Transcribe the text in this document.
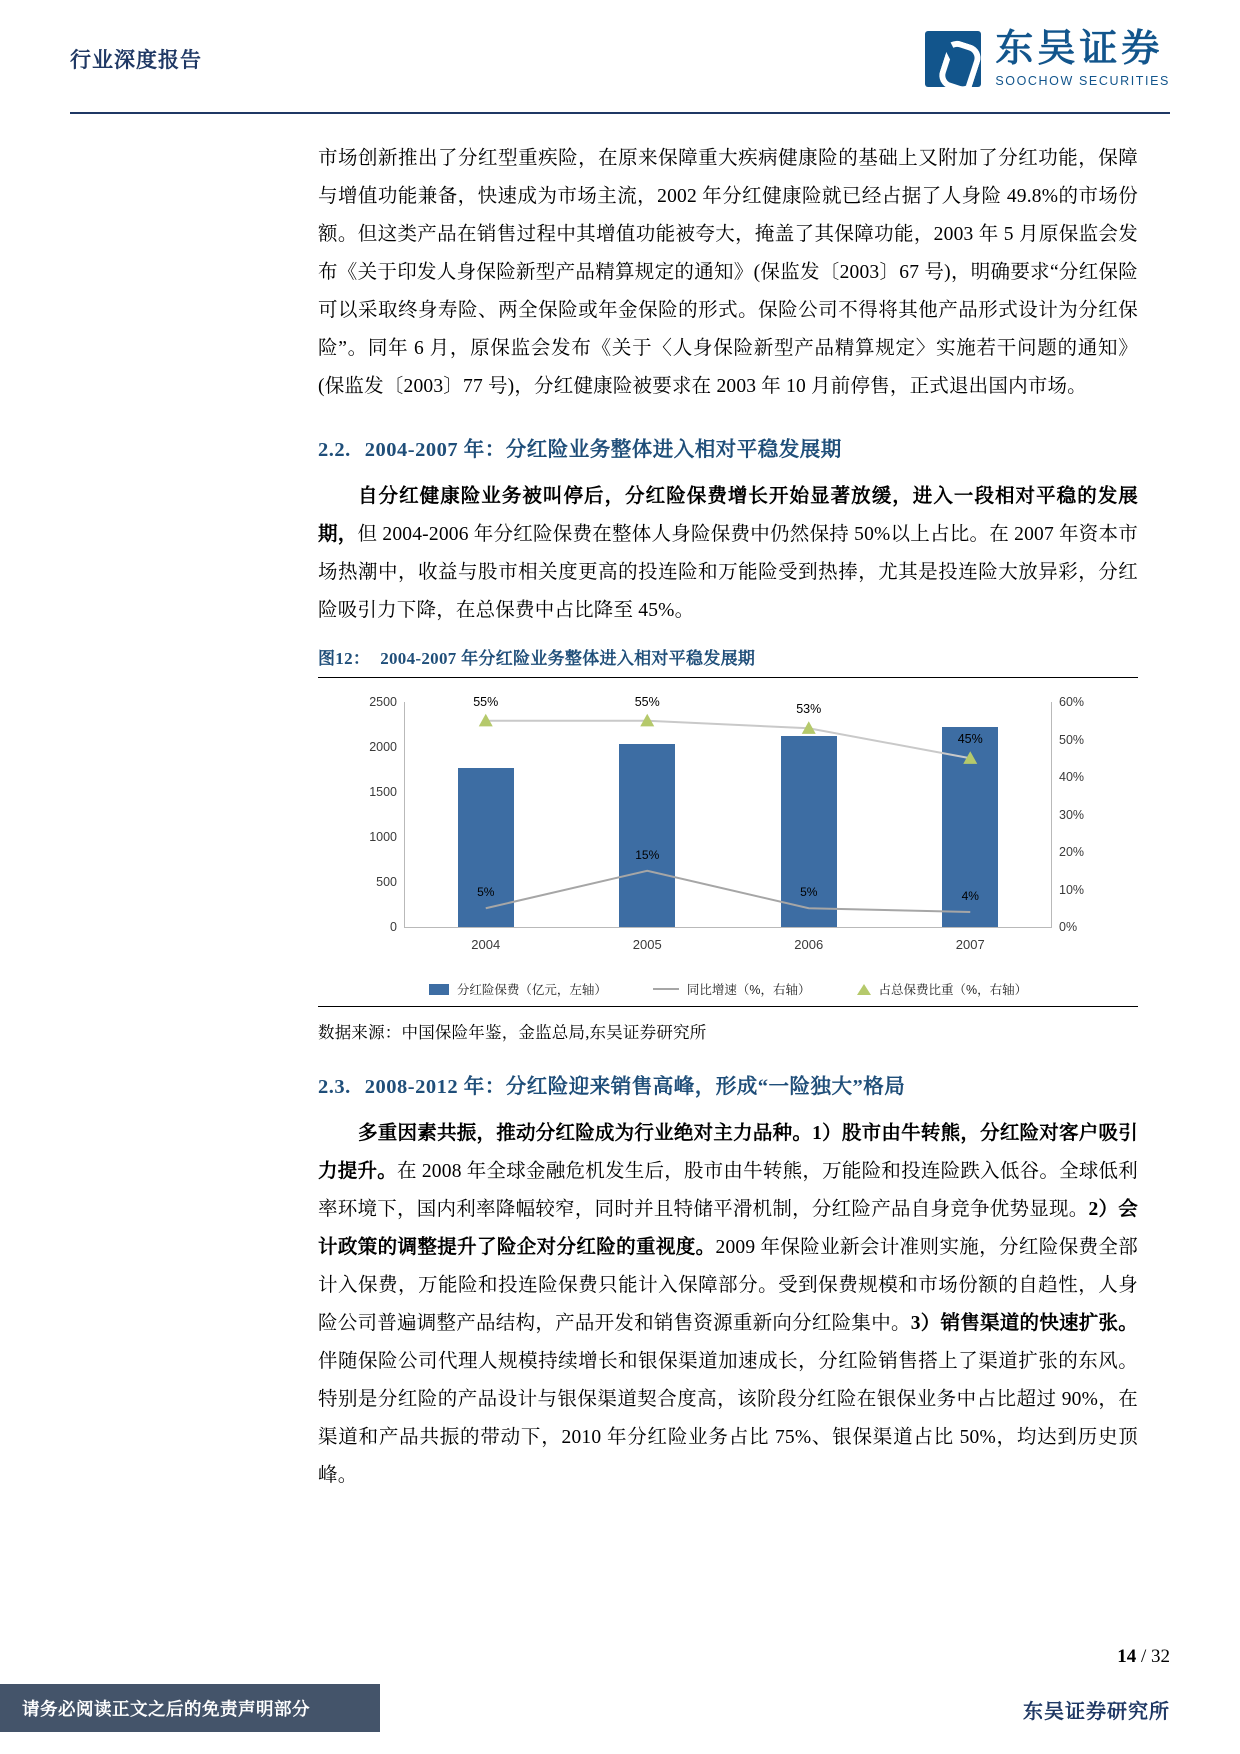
行业深度报告	东吴证券
SOOCHOW SECURITIES

市场创新推出了分红型重疾险，在原来保障重大疾病健康险的基础上又附加了分红功能，保障与增值功能兼备，快速成为市场主流，2002 年分红健康险就已经占据了人身险 49.8%的市场份额。但这类产品在销售过程中其增值功能被夸大，掩盖了其保障功能，2003 年 5 月原保监会发布《关于印发人身保险新型产品精算规定的通知》(保监发〔2003〕67 号)，明确要求“分红保险可以采取终身寿险、两全保险或年金保险的形式。保险公司不得将其他产品形式设计为分红保险”。同年 6 月，原保监会发布《关于〈人身保险新型产品精算规定〉实施若干问题的通知》(保监发〔2003〕77 号)，分红健康险被要求在 2003 年 10 月前停售，正式退出国内市场。

2.2. 2004-2007 年：分红险业务整体进入相对平稳发展期

自分红健康险业务被叫停后，分红险保费增长开始显著放缓，进入一段相对平稳的发展期，但 2004-2006 年分红险保费在整体人身险保费中仍然保持 50%以上占比。在 2007 年资本市场热潮中，收益与股市相关度更高的投连险和万能险受到热捧，尤其是投连险大放异彩，分红险吸引力下降，在总保费中占比降至 45%。

图12： 2004-2007 年分红险业务整体进入相对平稳发展期
0
500
1000
1500
2000
2500
0%
10%
20%
30%
40%
50%
60%
2004	2005	2006	2007
5%
15%
5%	4%
55%	55%
53%
45%
分红险保费（亿元，左轴）	同比增速（%，右轴）	占总保费比重（%，右轴）
数据来源：中国保险年鉴，金监总局,东吴证券研究所
2.3. 2008-2012 年：分红险迎来销售高峰，形成“一险独大”格局

多重因素共振，推动分红险成为行业绝对主力品种。1）股市由牛转熊，分红险对客户吸引力提升。在 2008 年全球金融危机发生后，股市由牛转熊，万能险和投连险跌入低谷。全球低利率环境下，国内利率降幅较窄，同时并且特储平滑机制，分红险产品自身竞争优势显现。2）会计政策的调整提升了险企对分红险的重视度。2009 年保险业新会计准则实施，分红险保费全部计入保费，万能险和投连险保费只能计入保障部分。受到保费规模和市场份额的自趋性，人身险公司普遍调整产品结构，产品开发和销售资源重新向分红险集中。3）销售渠道的快速扩张。伴随保险公司代理人规模持续增长和银保渠道加速成长，分红险销售搭上了渠道扩张的东风。特别是分红险的产品设计与银保渠道契合度高，该阶段分红险在银保业务中占比超过 90%，在渠道和产品共振的带动下，2010 年分红险业务占比 75%、银保渠道占比 50%，均达到历史顶峰。

14 / 32
请务必阅读正文之后的免责声明部分	东吴证券研究所
